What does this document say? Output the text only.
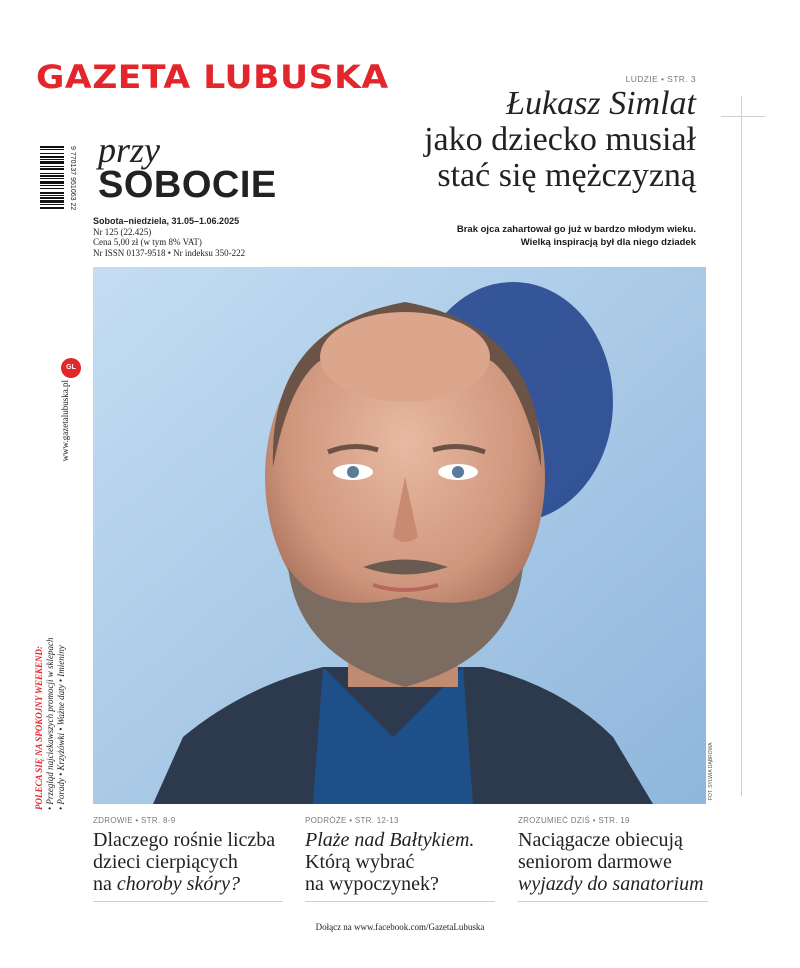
GAZETA LUBUSKA	LUDZIE • STR. 3
Łukasz Simlat
jako dziecko musiał
stać się mężczyzną
przy
SOBOCIE
Sobota–niedziela, 31.05–1.06.2025
Nr 125 (22.425)
Cena 5,00 zł (w tym 8% VAT)
Nr ISSN 0137-9518 • Nr indeksu 350-222
Brak ojca zahartował go już w bardzo młodym wieku.
Wielką inspiracją był dla niego dziadek
9 770137 951063 22
www.gazetalubuska.pl
GL
FOT. SYLWIA DĄBROWA
POLECA SIĘ NA SPOKOJNY WEEKEND: • Przegląd najciekawszych promocji w sklepach • Porady • Krzyżówki • Ważne daty • Imieniny
ZDROWIE • STR. 8-9
Dlaczego rośnie liczba
dzieci cierpiących
na choroby skóry?
PODRÓŻE • STR. 12-13
Plaże nad Bałtykiem.
Którą wybrać
na wypoczynek?
ZROZUMIEĆ DZIŚ • STR. 19
Naciągacze obiecują
seniorom darmowe
wyjazdy do sanatorium
Dołącz na www.facebook.com/GazetaLubuska
